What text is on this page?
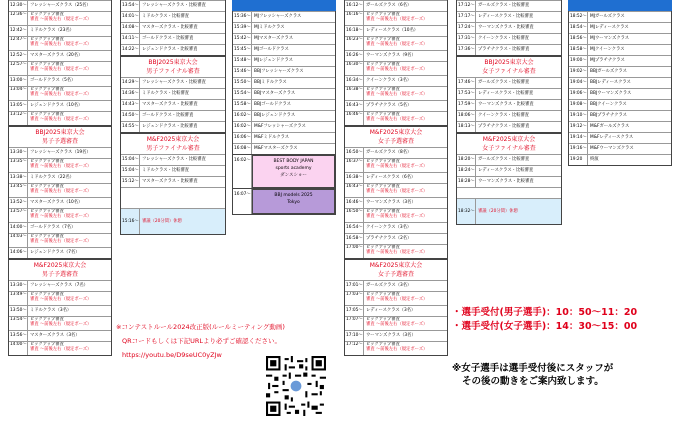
12:30～ フレッシャーズクラス（25名）
12:36～ ピックアップ審査
審査 ～前後左右（規定ポーズ）
12:42～ ミドルクラス（23名）
12:47～ ピックアップ審査
審査 ～前後左右（規定ポーズ）
12:52～ マスターズクラス（20名）
12:57～ ピックアップ審査
審査 ～前後左右（規定ポーズ）
13:00～ ゴールドクラス（5名）
13:04～ ピックアップ審査
審査 ～前後左右（規定ポーズ）
13:05～ レジェンドクラス（10名）
13:12～ ピックアップ審査
審査 ～前後左右（規定ポーズ）
BBJ2025東京大会
男子予選審査
13:30～ フレッシャーズクラス（19名）
13:35～ ピックアップ審査
審査 ～前後左右（規定ポーズ）
13:38～ ミドルクラス（22名）
13:45～ ピックアップ審査
審査 ～前後左右（規定ポーズ）
13:52～ マスターズクラス（10名）
13:57～ ピックアップ審査
審査 ～前後左右（規定ポーズ）
14:00～ ゴールドクラス（7名）
14:03～ ピックアップ審査
審査 ～前後左右（規定ポーズ）
14:06～ レジェンドクラス（7名）
M&F2025東京大会
男子予選審査
13:30～ フレッシャーズクラス（7名）
13:49～ ピックアップ審査
審査 ～前後左右（規定ポーズ）
13:50～ ミドルクラス（3名）
13:54～ ピックアップ審査
審査 ～前後左右（規定ポーズ）
13:56～ マスターズクラス（3名）
14:00～ ピックアップ審査
審査 ～前後左右（規定ポーズ）
13:54～ フレッシャーズクラス・比較審査
14:01～ ミドルクラス・比較審査
14:08～ マスターズクラス・比較審査
14:11～ ゴールドクラス・比較審査
14:22～ レジェンドクラス・比較審査
BBJ2025東京大会
男子ファイナル審査
14:29～ フレッシャーズクラス・比較審査
14:36～ ミドルクラス・比較審査
14:43～ マスターズクラス・比較審査
14:50～ ゴールドクラス・比較審査
14:55～ レジェンドクラス・比較審査
M&F2025東京大会
男子ファイナル審査
15:04～ フレッシャーズクラス・比較審査
15:04～ ミドルクラス・比較審査
15:12～ マスターズクラス・比較審査
15:16～ 審議（20分間）休憩
15:36～ MJフレッシャーズクラス
15:39～ MJミドルクラス
15:42～ MJマスターズクラス
15:45～ MJゴールドクラス
15:48～ MJレジェンドクラス
15:46～ BBJフレッシャーズクラス
15:50～ BBJミドルクラス
15:54～ BBJマスターズクラス
15:58～ BBJゴールドクラス
16:02～ BBJレジェンドクラス
16:02～ M&Fフレッシャーズクラス
16:06～ M&Fミドルクラス
16:08～ M&Fマスターズクラス
16:02～	BEST BODY JAPAN
sports academy
ダンスショー
16:07～	BBJ models 2025
Tokyo
16:12～ ガールズクラス（6名）
16:16～ ピックアップ審査
審査 ～前後左右（規定ポーズ）
16:18～ レディースクラス（10名）
16:23～ ピックアップ審査
審査 ～前後左右（規定ポーズ）
16:26～ ウーマンズクラス（9名）
16:30～ ピックアップ審査
審査 ～前後左右（規定ポーズ）
16:34～ クイーンクラス（3名）
16:38～ ピックアップ審査
審査 ～前後左右（規定ポーズ）
16:43～ プラチナクラス（5名）
16:46～ ピックアップ審査
審査 ～前後左右（規定ポーズ）
M&F2025東京大会
女子予選審査
16:50～ ガールズクラス（8名）
16:37～ ピックアップ審査
審査 ～前後左右（規定ポーズ）
16:38～ レディースクラス（6名）
16:43～ ピックアップ審査
審査 ～前後左右（規定ポーズ）
16:46～ ウーマンズクラス（3名）
16:50～ ピックアップ審査
審査 ～前後左右（規定ポーズ）
16:54～ クイーンクラス（3名）
16:58～ プラチナクラス（2名）
17:00～ ピックアップ審査
審査 ～前後左右（規定ポーズ）
M&F2025東京大会
女子予選審査
17:01～ ガールズクラス（3名）
17:03～ ピックアップ審査
審査 ～前後左右（規定ポーズ）
17:05～ レディースクラス（3名）
17:07～ ピックアップ審査
審査 ～前後左右（規定ポーズ）
17:10～ ウーマンズクラス（3名）
17:12～ ピックアップ審査
審査 ～前後左右（規定ポーズ）
17:12～ ガールズクラス・比較審査
17:17～ レディースクラス・比較審査
17:24～ ウーマンズクラス・比較審査
17:31～ クイーンクラス・比較審査
17:36～ プラチナクラス・比較審査
BBJ2025東京大会
女子ファイナル審査
17:46～ ガールズクラス・比較審査
17:53～ レディースクラス・比較審査
17:59～ ウーマンズクラス・比較審査
18:06～ クイーンクラス・比較審査
18:13～ プラチナクラス・比較審査
M&F2025東京大会
女子ファイナル審査
18:20～ ガールズクラス・比較審査
18:24～ レディースクラス・比較審査
18:28～ ウーマンズクラス・比較審査
18:32～ 審議（20分間）休憩
18:52～ MJガールズクラス
18:54～ MJレディースクラス
18:56～ MJウーマンズクラス
18:58～ MJクイーンクラス
19:00～ MJプラチナクラス
19:02～ BBJガールズクラス
19:04～ BBJレディースクラス
19:06～ BBJウーマンズクラス
19:08～ BBJクイーンクラス
19:10～ BBJプラチナクラス
19:12～ M&Fガールズクラス
19:14～ M&Fレディースクラス
19:16～ M&Fウーマンズクラス
19:20	終演
※コンテストルール2024改正版(ルールミーティング動画)
QRコードもしくは下記URLより必ずご確認ください。
https://youtu.be/D9seUC0yZJw
・選手受付(男子選手)：10：50～11：20
・選手受付(女子選手)：14：30～15：00
※女子選手は選手受付後にスタッフが
その後の動きをご案内致します。
